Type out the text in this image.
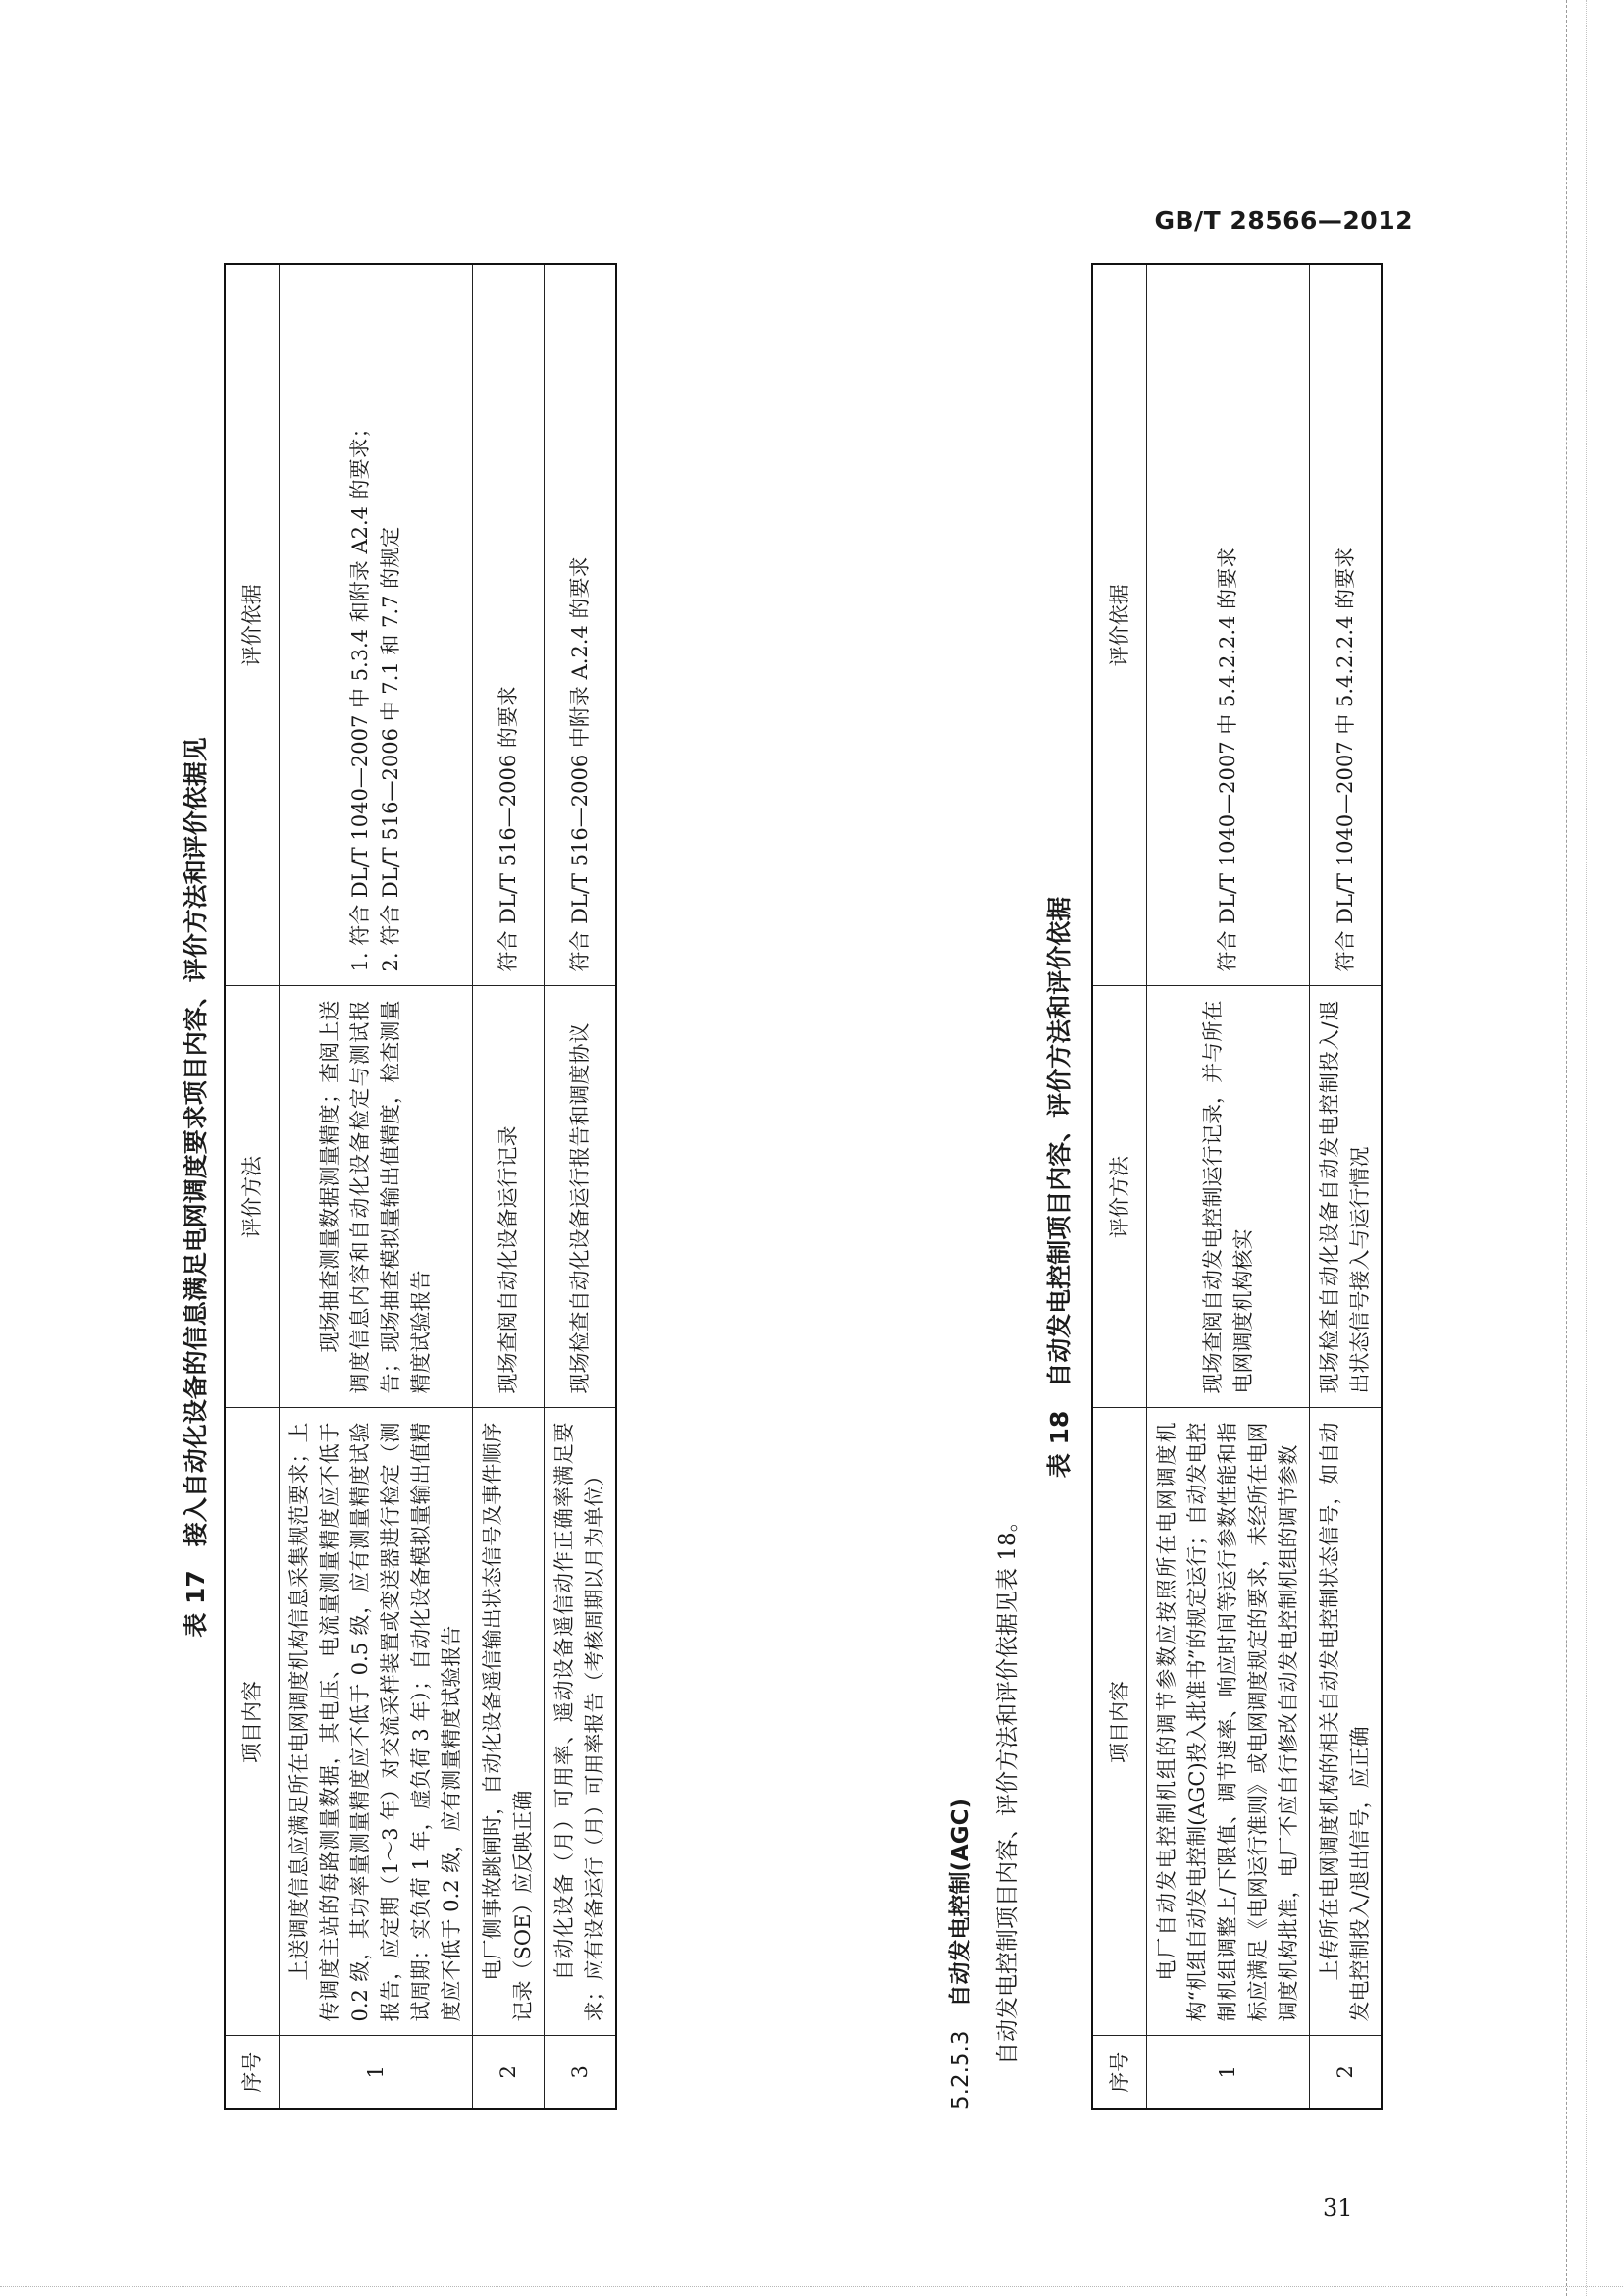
GB/T 28566—2012
表 17接入自动化设备的信息满足电网调度要求项目内容、评价方法和评价依据见
序号	项目内容	评价方法	评价依据
1	上送调度信息应满足所在电网调度机构信息采集规范要求；上传调度主站的每路测量数据，其电压、电流量测量精度应不低于 0.2 级，其功率量测量精度应不低于 0.5 级，应有测量精度试验报告，应定期（1～3 年）对交流采样装置或变送器进行检定（测试周期：实负荷 1 年，虚负荷 3 年）；自动化设备模拟量输出值精度应不低于 0.2 级，应有测量精度试验报告	现场抽查测量数据测量精度；查阅上送调度信息内容和自动化设备检定与测试报告；现场抽查模拟量输出值精度，检查测量精度试验报告	1. 符合 DL/T 1040—2007 中 5.3.4 和附录 A2.4 的要求； 2. 符合 DL/T 516—2006 中 7.1 和 7.7 的规定

2	电厂侧事故跳闸时，自动化设备遥信输出状态信号及事件顺序记录（SOE）应反映正确	现场查阅自动化设备运行记录	符合 DL/T 516—2006 的要求
3	自动化设备（月）可用率、遥动设备遥信动作正确率满足要求；应有设备运行（月）可用率报告（考核周期以月为单位）	现场检查自动化设备运行报告和调度协议	符合 DL/T 516—2006 中附录 A.2.4 的要求
5.2.5.3自动发电控制(AGC) 自动发电控制项目内容、评价方法和评价依据见表 18。
表 18自动发电控制项目内容、评价方法和评价依据
序号	项目内容	评价方法	评价依据
1	电厂自动发电控制机组的调节参数应按照所在电网调度机构“机组自动发电控制(AGC)投入批准书”的规定运行；自动发电控制机组调整上/下限值、调节速率、响应时间等运行参数性能和指标应满足《电网运行准则》或电网调度规定的要求，未经所在电网调度机构批准，电厂不应自行修改自动发电控制机组的调节参数	现场查阅自动发电控制运行记录，并与所在电网调度机构核实	符合 DL/T 1040—2007 中 5.4.2.2.4 的要求
2	上传所在电网调度机构的相关自动发电控制状态信号，如自动发电控制投入/退出信号，应正确	现场检查自动化设备自动发电控制投入/退出状态信号接入与运行情况	符合 DL/T 1040—2007 中 5.4.2.2.4 的要求
31
